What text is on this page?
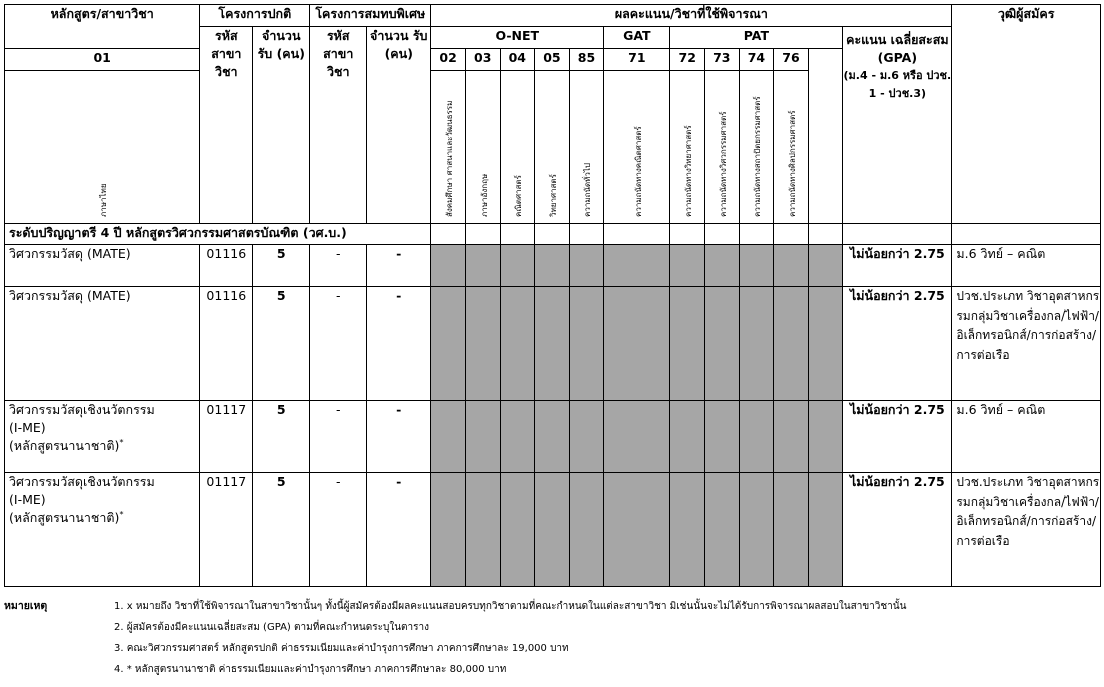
หลักสูตร/สาขาวิชา	โครงการปกติ		โครงการสมทบพิเศษ		ผลคะแนน/วิชาที่ใช้พิจารณา												วุฒิผู้สมัคร
	รหัส สาขา วิชา	จำนวน รับ (คน)	รหัส สาขา วิชา	จำนวน รับ (คน)	O-NET					GAT	PAT					คะแนน เฉลี่ยสะสม (GPA)
(ม.4 - ม.6 หรือ ปวช. 1 - ปวช.3)	

01					02	03	04	05	85	71	72	73	74	76			

ภาษาไทย					สังคมศึกษา ศาสนาและวัฒนธรรม	ภาษาอังกฤษ	คณิตศาสตร์	วิทยาศาสตร์	ความถนัดทั่วไป	ความถนัดทางคณิตศาสตร์	ความถนัดทางวิทยาศาสตร์	ความถนัดทางวิศวกรรมศาสตร์	ความถนัดทางสถาปัตยกรรมศาสตร์	ความถนัดทางศิลปกรรมศาสตร์			

ระดับปริญญาตรี 4 ปี หลักสูตรวิศวกรรมศาสตรบัณฑิต (วศ.บ.)																	
วิศวกรรมวัสดุ (MATE)	01116	5	-	-												ไม่น้อยกว่า 2.75	ม.6 วิทย์ – คณิต
วิศวกรรมวัสดุ (MATE)	01116	5	-	-												ไม่น้อยกว่า 2.75	ปวช.ประเภท วิชาอุตสาหกรรมกลุ่มวิชาเครื่องกล/ไฟฟ้า/อิเล็กทรอนิกส์/การก่อสร้าง/ การต่อเรือ

วิศวกรรมวัสดุเชิงนวัตกรรม
(I-ME)
(หลักสูตรนานาชาติ)*	01117	5	-	-												ไม่น้อยกว่า 2.75	ม.6 วิทย์ – คณิต

วิศวกรรมวัสดุเชิงนวัตกรรม
(I-ME)
(หลักสูตรนานาชาติ)*	01117	5	-	-												ไม่น้อยกว่า 2.75	ปวช.ประเภท วิชาอุตสาหกรรมกลุ่มวิชาเครื่องกล/ไฟฟ้า/อิเล็กทรอนิกส์/การก่อสร้าง/ การต่อเรือ
หมายเหตุ	1. x หมายถึง วิชาที่ใช้พิจารณาในสาขาวิชานั้นๆ ทั้งนี้ผู้สมัครต้องมีผลคะแนนสอบครบทุกวิชาตามที่คณะกำหนดในแต่ละสาขาวิชา มิเช่นนั้นจะไม่ได้รับการพิจารณาผลสอบในสาขาวิชานั้น
2. ผู้สมัครต้องมีคะแนนเฉลี่ยสะสม (GPA) ตามที่คณะกำหนดระบุในตาราง
3. คณะวิศวกรรมศาสตร์ หลักสูตรปกติ ค่าธรรมเนียมและค่าบำรุงการศึกษา ภาคการศึกษาละ 19,000 บาท
4. * หลักสูตรนานาชาติ ค่าธรรมเนียมและค่าบำรุงการศึกษา ภาคการศึกษาละ 80,000 บาท
